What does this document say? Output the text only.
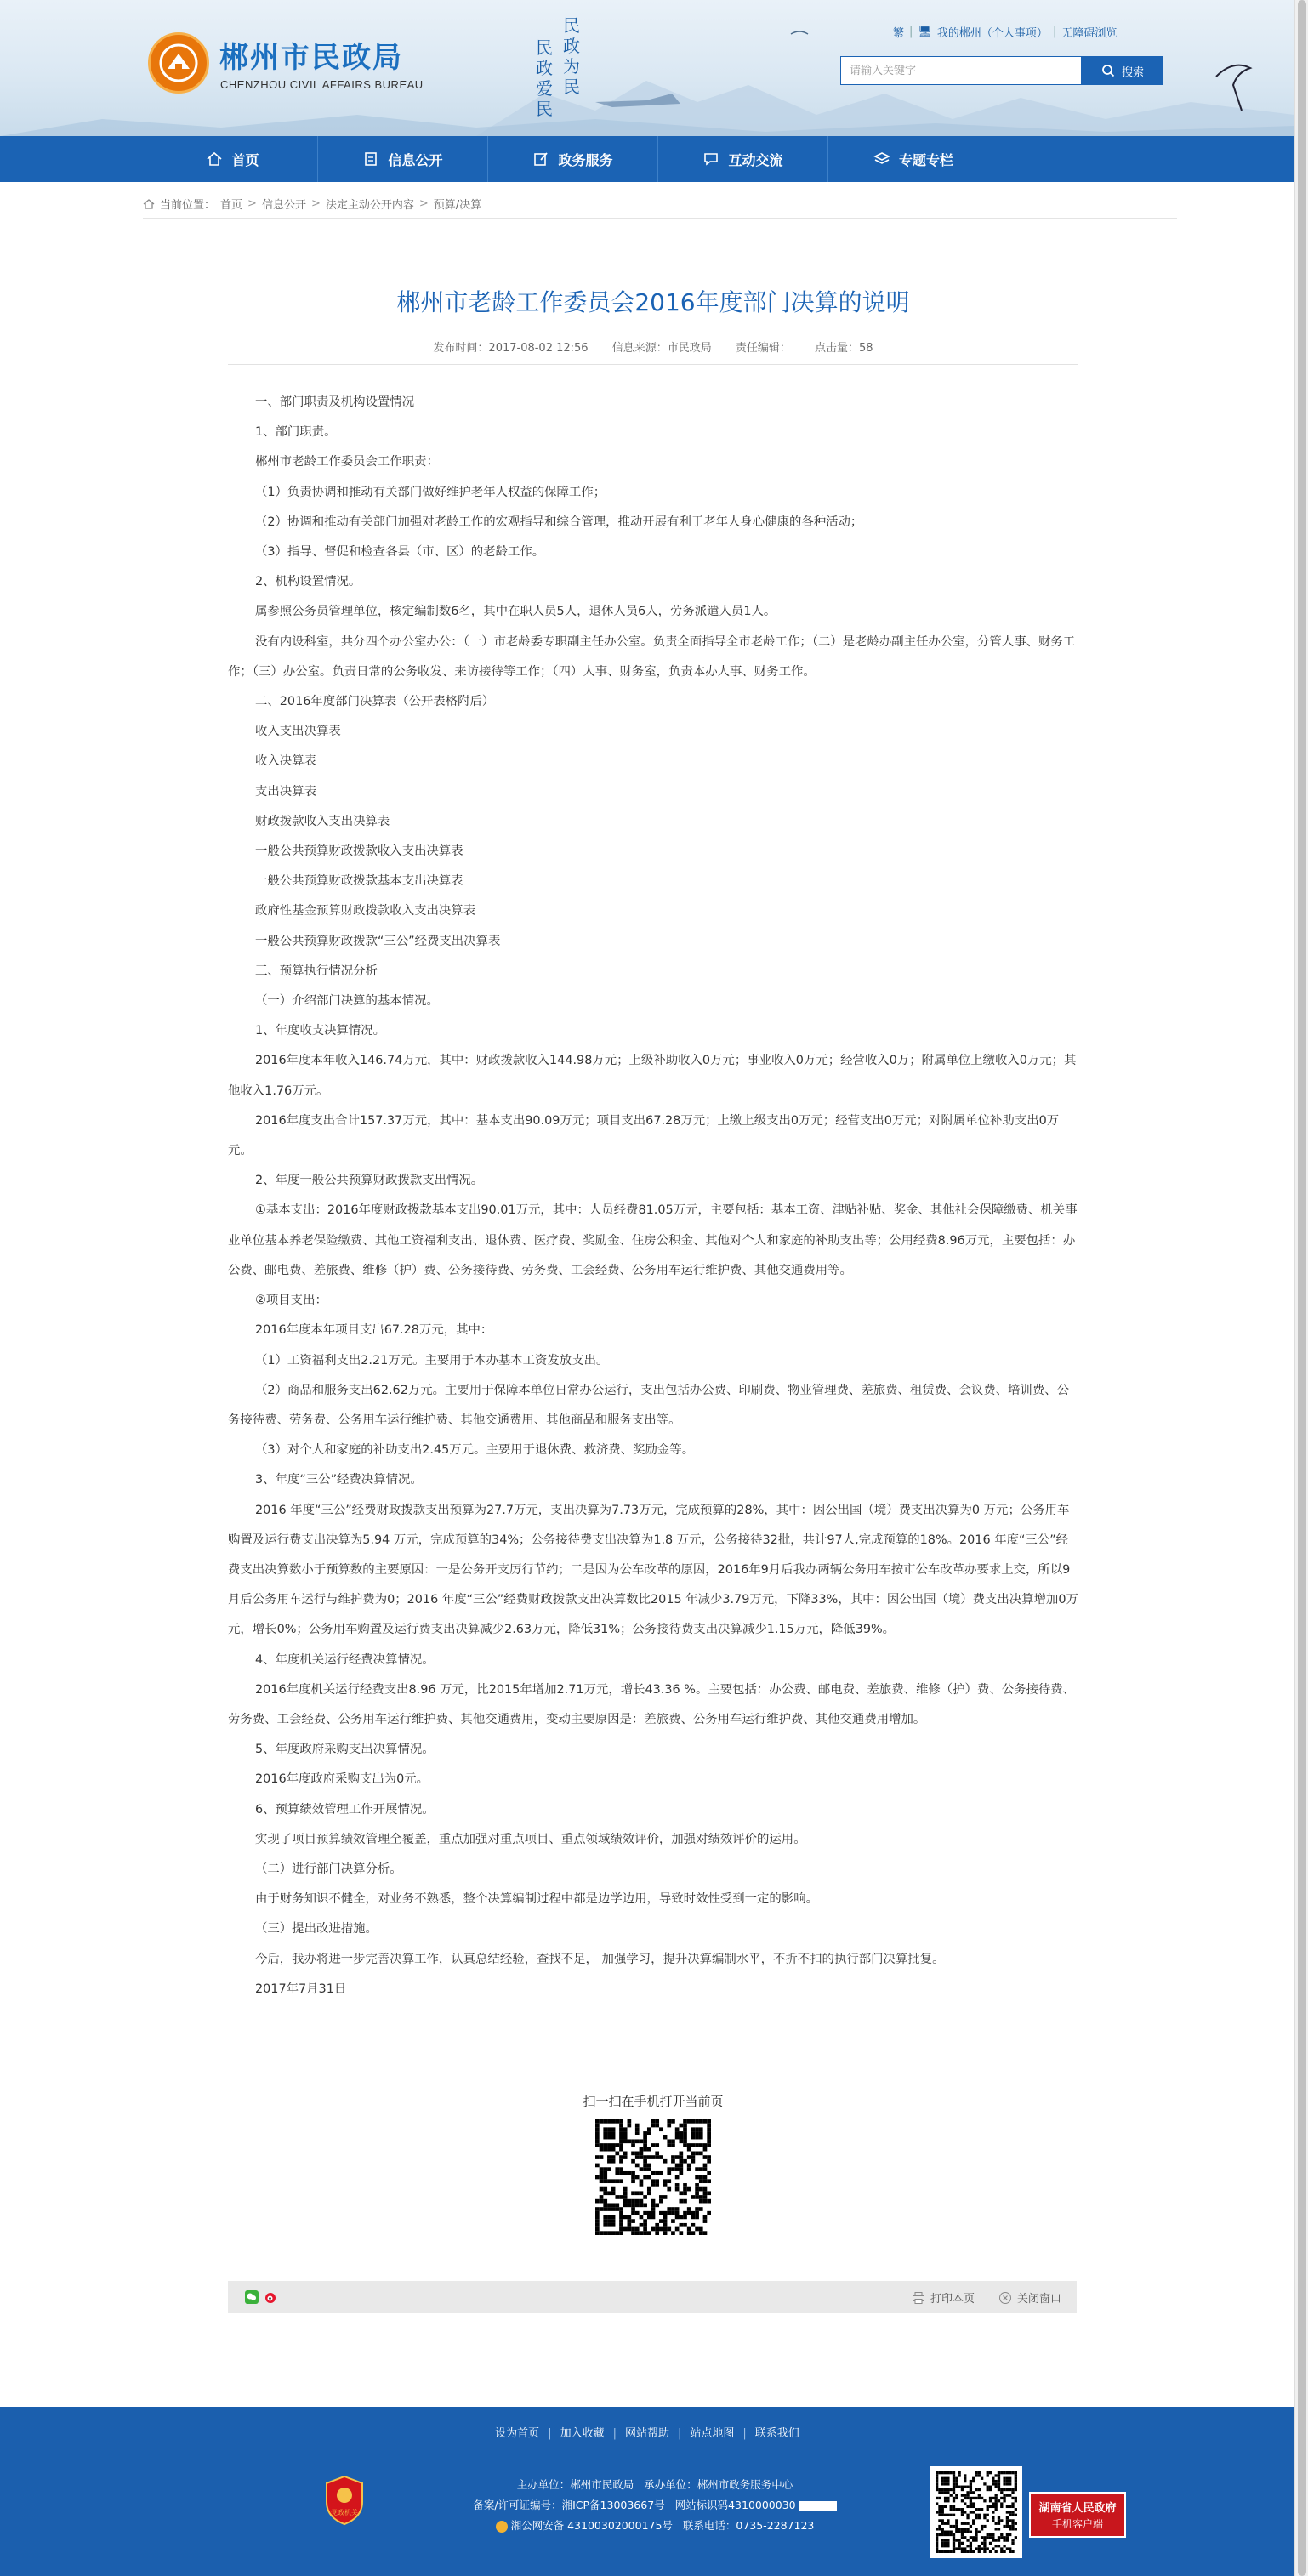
郴州市民政局
CHENZHOU CIVIL AFFAIRS BUREAU
民政为民
民政爱民
繁 | 🖥 我的郴州（个人事项） | 无障碍浏览
请输入关键字
搜索
首页	信息公开	政务服务	互动交流	专题专栏
当前位置： 首页 > 信息公开 > 法定主动公开内容 > 预算/决算
郴州市老龄工作委员会2016年度部门决算的说明
发布时间：2017-08-02 12:56 信息来源：市民政局 责任编辑： 点击量：58

一、部门职责及机构设置情况

1、部门职责。

郴州市老龄工作委员会工作职责：

（1）负责协调和推动有关部门做好维护老年人权益的保障工作；

（2）协调和推动有关部门加强对老龄工作的宏观指导和综合管理，推动开展有利于老年人身心健康的各种活动；

（3）指导、督促和检查各县（市、区）的老龄工作。

2、机构设置情况。

属参照公务员管理单位，核定编制数6名，其中在职人员5人，退休人员6人，劳务派遣人员1人。

没有内设科室，共分四个办公室办公：（一）市老龄委专职副主任办公室。负责全面指导全市老龄工作；（二）是老龄办副主任办公室，分管人事、财务工作；（三）办公室。负责日常的公务收发、来访接待等工作；（四）人事、财务室，负责本办人事、财务工作。

二、2016年度部门决算表（公开表格附后）

收入支出决算表

收入决算表

支出决算表

财政拨款收入支出决算表

一般公共预算财政拨款收入支出决算表

一般公共预算财政拨款基本支出决算表

政府性基金预算财政拨款收入支出决算表

一般公共预算财政拨款“三公”经费支出决算表

三、预算执行情况分析

（一）介绍部门决算的基本情况。

1、年度收支决算情况。

2016年度本年收入146.74万元，其中：财政拨款收入144.98万元；上级补助收入0万元；事业收入0万元；经营收入0万；附属单位上缴收入0万元；其他收入1.76万元。

2016年度支出合计157.37万元，其中：基本支出90.09万元；项目支出67.28万元；上缴上级支出0万元；经营支出0万元；对附属单位补助支出0万元。

2、年度一般公共预算财政拨款支出情况。

①基本支出：2016年度财政拨款基本支出90.01万元，其中：人员经费81.05万元，主要包括：基本工资、津贴补贴、奖金、其他社会保障缴费、机关事业单位基本养老保险缴费、其他工资福利支出、退休费、医疗费、奖励金、住房公积金、其他对个人和家庭的补助支出等；公用经费8.96万元，主要包括：办公费、邮电费、差旅费、维修（护）费、公务接待费、劳务费、工会经费、公务用车运行维护费、其他交通费用等。

②项目支出：

2016年度本年项目支出67.28万元，其中：

（1）工资福利支出2.21万元。主要用于本办基本工资发放支出。

（2）商品和服务支出62.62万元。主要用于保障本单位日常办公运行，支出包括办公费、印刷费、物业管理费、差旅费、租赁费、会议费、培训费、公务接待费、劳务费、公务用车运行维护费、其他交通费用、其他商品和服务支出等。

（3）对个人和家庭的补助支出2.45万元。主要用于退休费、救济费、奖励金等。

3、年度“三公”经费决算情况。

2016 年度“三公”经费财政拨款支出预算为27.7万元，支出决算为7.73万元，完成预算的28%，其中：因公出国（境）费支出决算为0 万元；公务用车购置及运行费支出决算为5.94 万元，完成预算的34%；公务接待费支出决算为1.8 万元，公务接待32批，共计97人,完成预算的18%。2016 年度“三公”经费支出决算数小于预算数的主要原因：一是公务开支厉行节约；二是因为公车改革的原因，2016年9月后我办两辆公务用车按市公车改革办要求上交，所以9月后公务用车运行与维护费为0；2016 年度“三公”经费财政拨款支出决算数比2015 年减少3.79万元，下降33%，其中：因公出国（境）费支出决算增加0万元，增长0%；公务用车购置及运行费支出决算减少2.63万元，降低31%；公务接待费支出决算减少1.15万元，降低39%。

4、年度机关运行经费决算情况。

2016年度机关运行经费支出8.96 万元，比2015年增加2.71万元，增长43.36 %。主要包括：办公费、邮电费、差旅费、维修（护）费、公务接待费、劳务费、工会经费、公务用车运行维护费、其他交通费用，变动主要原因是：差旅费、公务用车运行维护费、其他交通费用增加。

5、年度政府采购支出决算情况。

2016年度政府采购支出为0元。

6、预算绩效管理工作开展情况。

实现了项目预算绩效管理全覆盖，重点加强对重点项目、重点领域绩效评价，加强对绩效评价的运用。

（二）进行部门决算分析。

由于财务知识不健全，对业务不熟悉，整个决算编制过程中都是边学边用，导致时效性受到一定的影响。

（三）提出改进措施。

今后，我办将进一步完善决算工作，认真总结经验，查找不足， 加强学习，提升决算编制水平，不折不扣的执行部门决算批复。

2017年7月31日

扫一扫在手机打开当前页
打印本页	关闭窗口
设为首页 | 加入收藏 | 网站帮助 | 站点地图 | 联系我们
党政机关
主办单位：郴州市民政局 承办单位：郴州市政务服务中心
备案/许可证编号：湘ICP备13003667号 网站标识码4310000030
湘公网安备 43100302000175号 联系电话：0735-2287123
湖南省人民政府
手机客户端
